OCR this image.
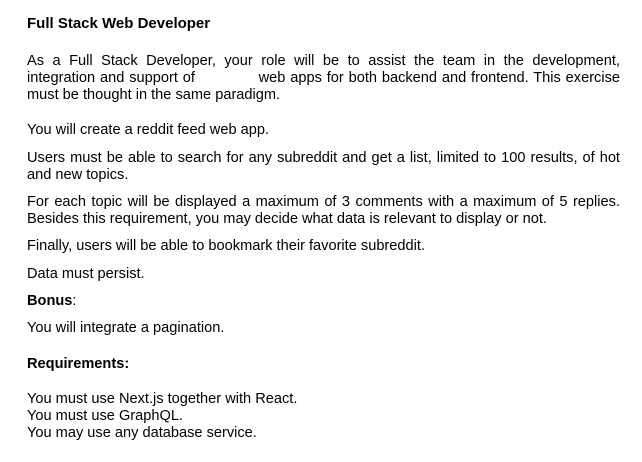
Full Stack Web Developer

As a Full Stack Developer, your role will be to assist the team in the development, integration and support of	web apps for both backend and frontend. This exercise must be thought in the same paradigm.

You will create a reddit feed web app.

Users must be able to search for any subreddit and get a list, limited to 100 results, of hot and new topics.

For each topic will be displayed a maximum of 3 comments with a maximum of 5 replies. Besides this requirement, you may decide what data is relevant to display or not.

Finally, users will be able to bookmark their favorite subreddit.

Data must persist.

Bonus:

You will integrate a pagination.

Requirements:

You must use Next.js together with React.

You must use GraphQL.

You may use any database service.
